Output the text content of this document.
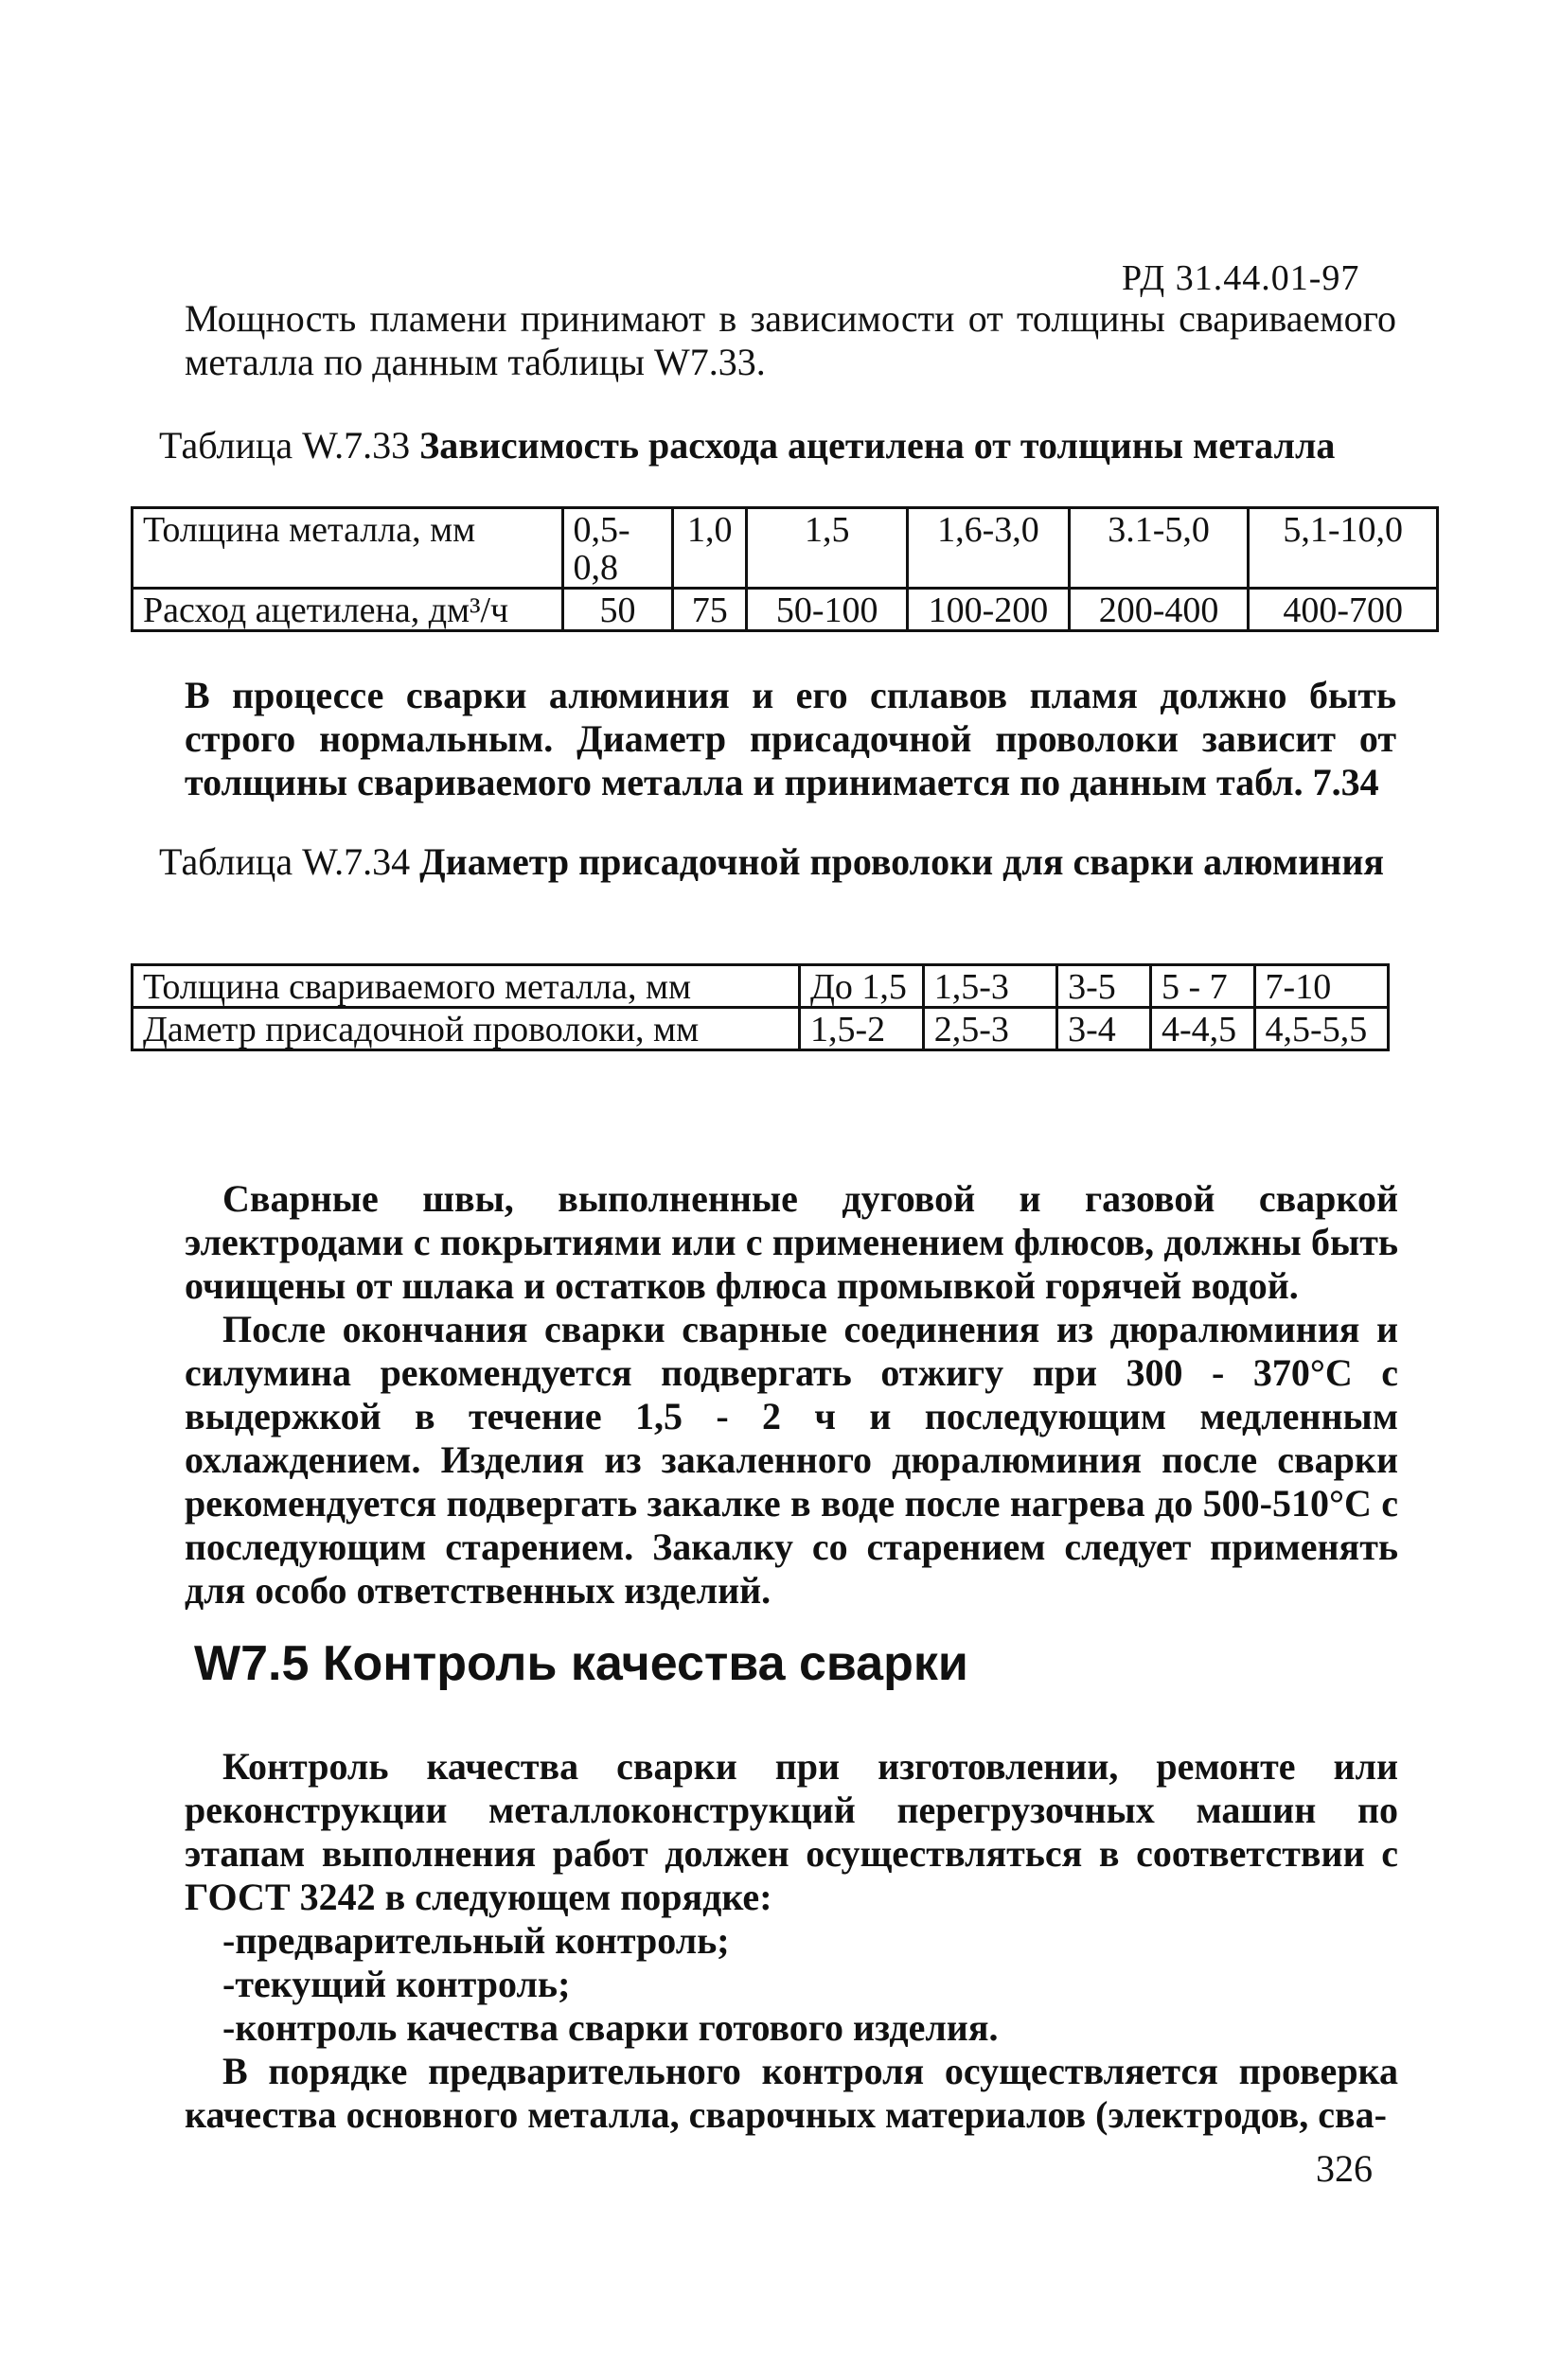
РД 31.44.01-97

Мощность пламени принимают в зависимости от толщины свариваемого металла по данным таблицы W7.33.

Таблица W.7.33 Зависимость расхода ацетилена от толщины металла

Толщина металла, мм	0,5-0,8	1,0	1,5	1,6-3,0	3.1-5,0	5,1-10,0
Расход ацетилена, дм³/ч	50	75	50-100	100-200	200-400	400-700

В процессе сварки алюминия и его сплавов пламя должно быть строго нормальным. Диаметр присадочной проволоки зависит от толщины свариваемого металла и принимается по данным табл. 7.34

Таблица W.7.34 Диаметр присадочной проволоки для сварки алюминия

Толщина свариваемого металла, мм	До 1,5	1,5-3	3-5	5 - 7	7-10
Даметр присадочной проволоки, мм	1,5-2	2,5-3	3-4	4-4,5	4,5-5,5

Сварные швы, выполненные дуговой и газовой сваркой электродами с покрытиями или с применением флюсов, должны быть очищены от шлака и остатков флюса промывкой горячей водой.

После окончания сварки сварные соединения из дюралюминия и силумина рекомендуется подвергать отжигу при 300 - 370°С с выдержкой в течение 1,5 - 2 ч и последующим медленным охлаждением. Изделия из закаленного дюралюминия после сварки рекомендуется подвергать закалке в воде после нагрева до 500-510°С с последующим старением. Закалку со старением следует применять для особо ответственных изделий.

W7.5 Контроль качества сварки

Контроль качества сварки при изготовлении, ремонте или реконструкции металлоконструкций перегрузочных машин по этапам выполнения работ должен осуществляться в соответствии с ГОСТ 3242 в следующем порядке:

-предварительный контроль;
-текущий контроль;
-контроль качества сварки готового изделия.

В порядке предварительного контроля осуществляется проверка качества основного металла, сварочных материалов (электродов, сва-

326
